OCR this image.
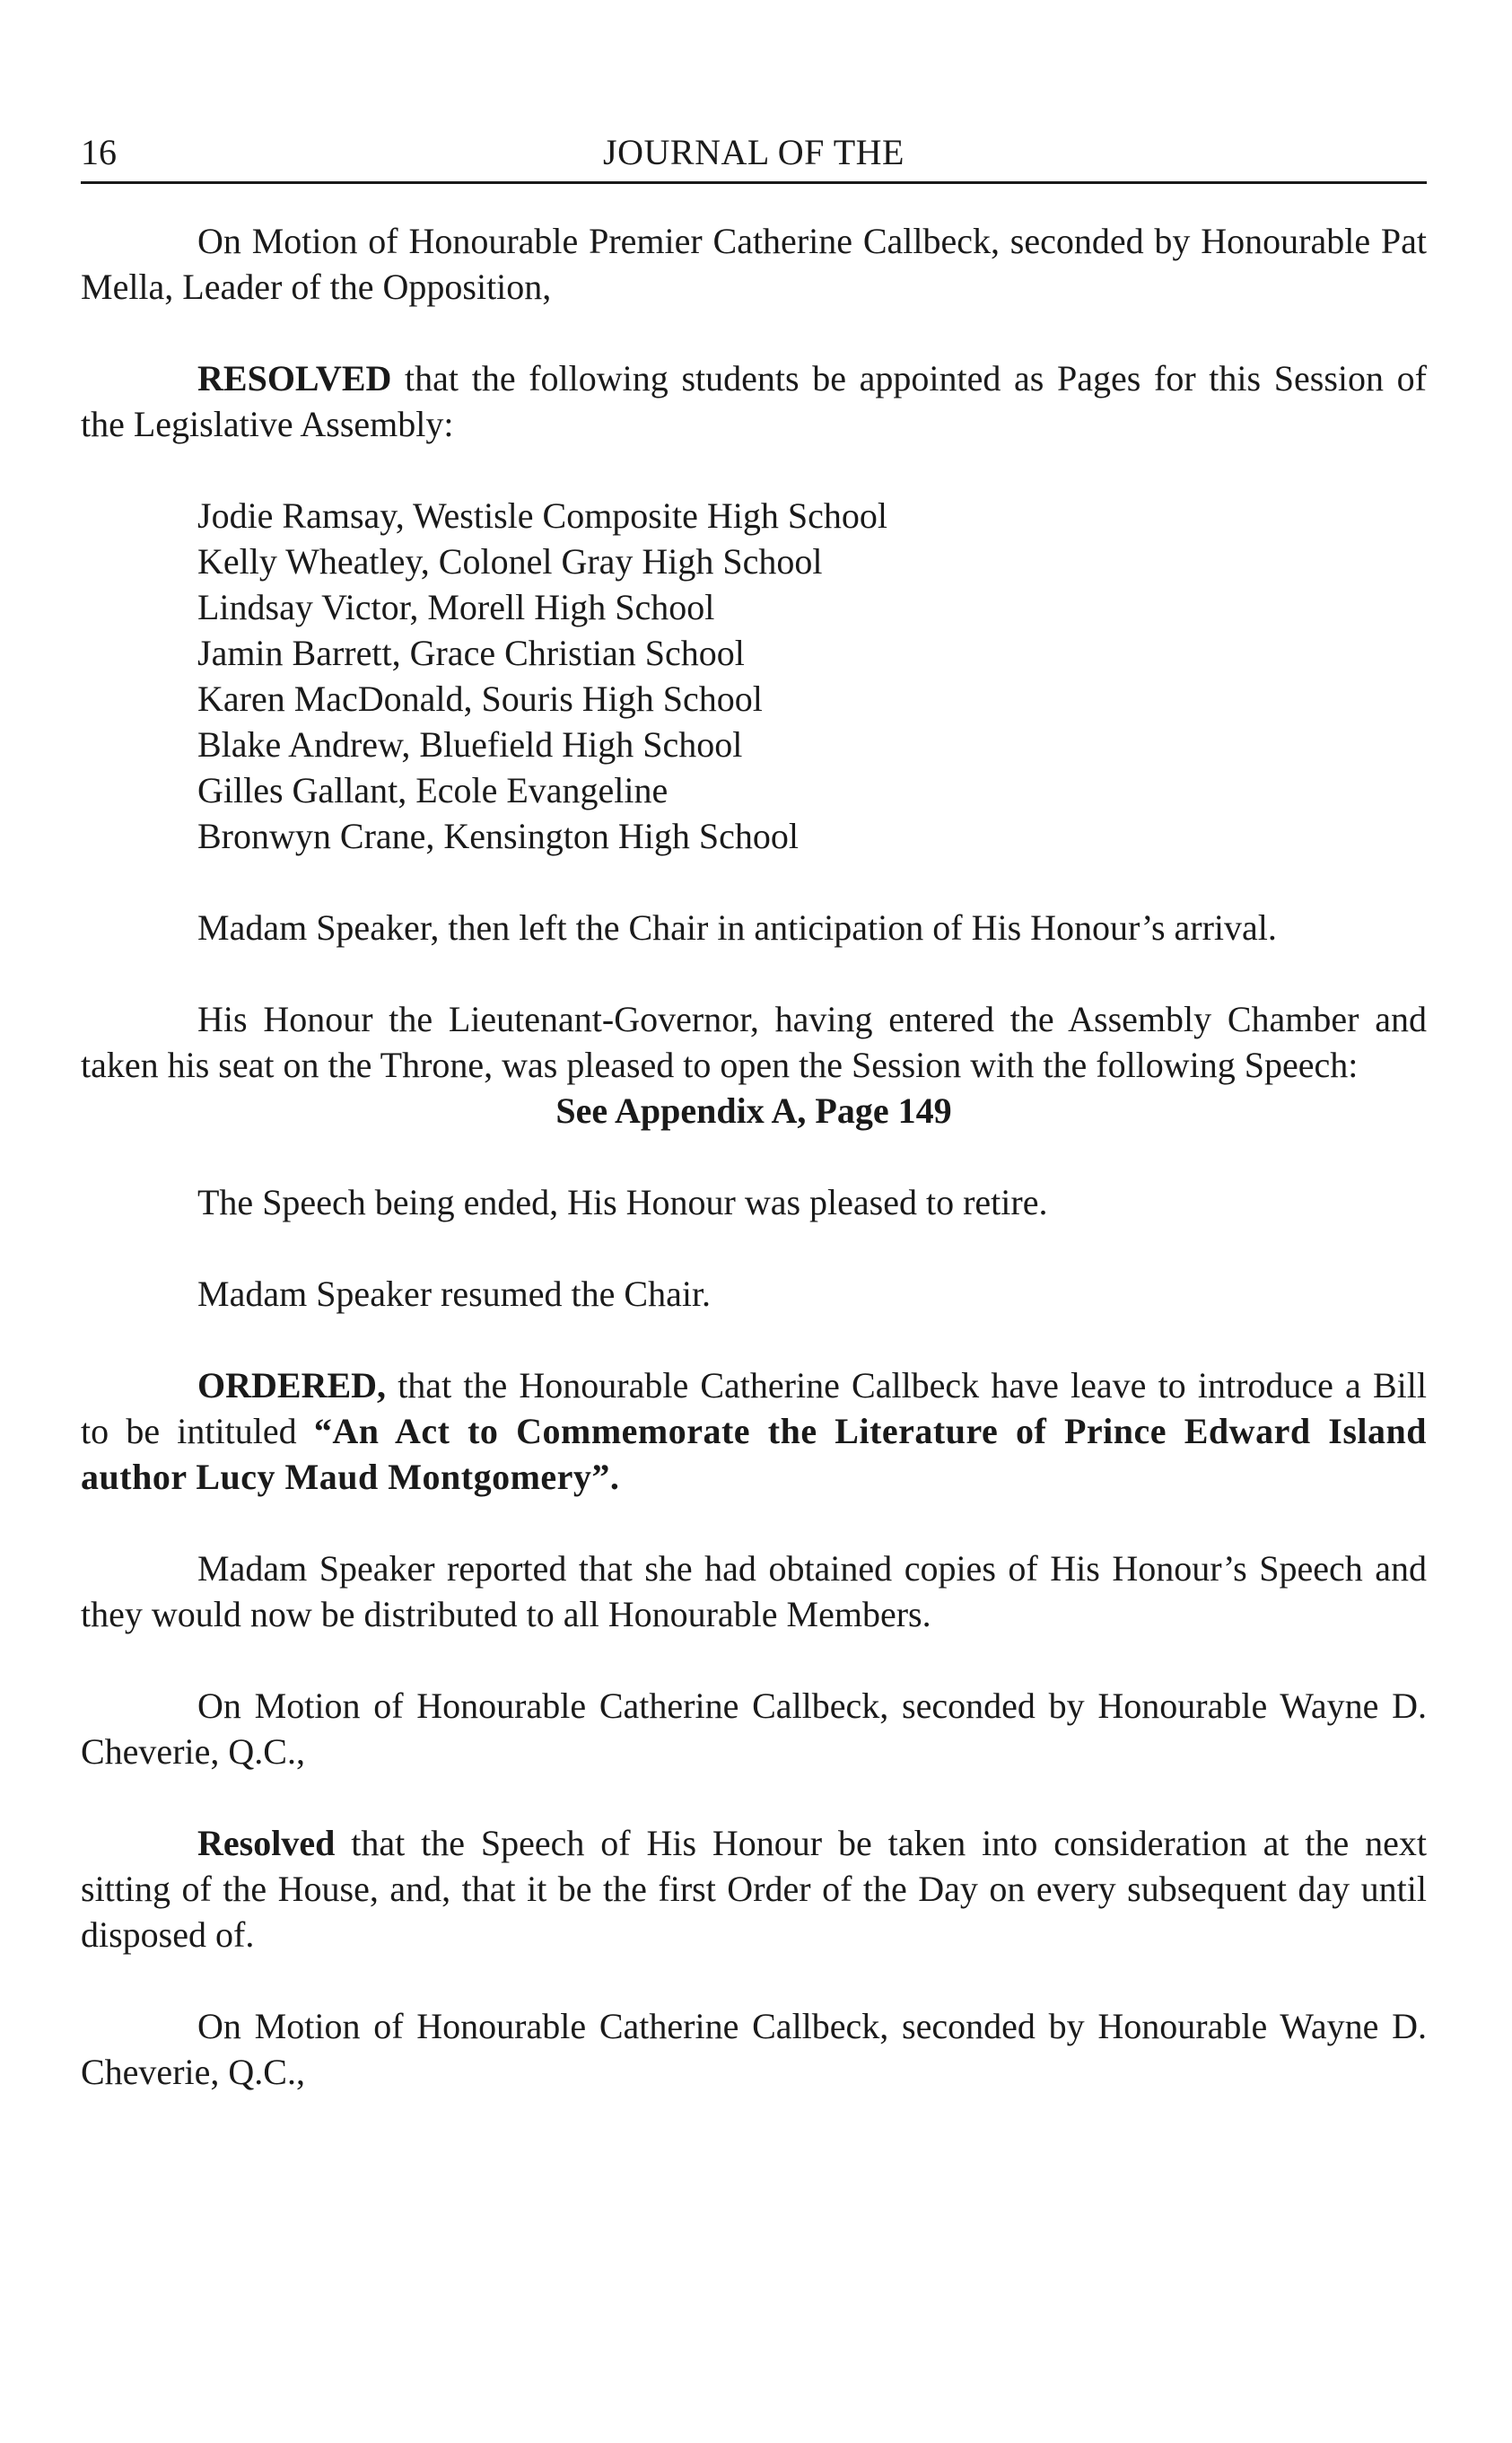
16	JOURNAL OF THE

On Motion of Honourable Premier Catherine Callbeck, seconded by Honourable Pat Mella, Leader of the Opposition,

RESOLVED that the following students be appointed as Pages for this Session of the Legislative Assembly:

Jodie Ramsay, Westisle Composite High School
Kelly Wheatley, Colonel Gray High School
Lindsay Victor, Morell High School
Jamin Barrett, Grace Christian School
Karen MacDonald, Souris High School
Blake Andrew, Bluefield High School
Gilles Gallant, Ecole Evangeline
Bronwyn Crane, Kensington High School

Madam Speaker, then left the Chair in anticipation of His Honour’s arrival.

His Honour the Lieutenant-Governor, having entered the Assembly Chamber and taken his seat on the Throne, was pleased to open the Session with the following Speech:

See Appendix A, Page 149

The Speech being ended, His Honour was pleased to retire.

Madam Speaker resumed the Chair.

ORDERED, that the Honourable Catherine Callbeck have leave to introduce a Bill to be intituled “An Act to Commemorate the Literature of Prince Edward Island author Lucy Maud Montgomery”.

Madam Speaker reported that she had obtained copies of His Honour’s Speech and they would now be distributed to all Honourable Members.

On Motion of Honourable Catherine Callbeck, seconded by Honourable Wayne D. Cheverie, Q.C.,

Resolved that the Speech of His Honour be taken into consideration at the next sitting of the House, and, that it be the first Order of the Day on every subsequent day until disposed of.

On Motion of Honourable Catherine Callbeck, seconded by Honourable Wayne D. Cheverie, Q.C.,
